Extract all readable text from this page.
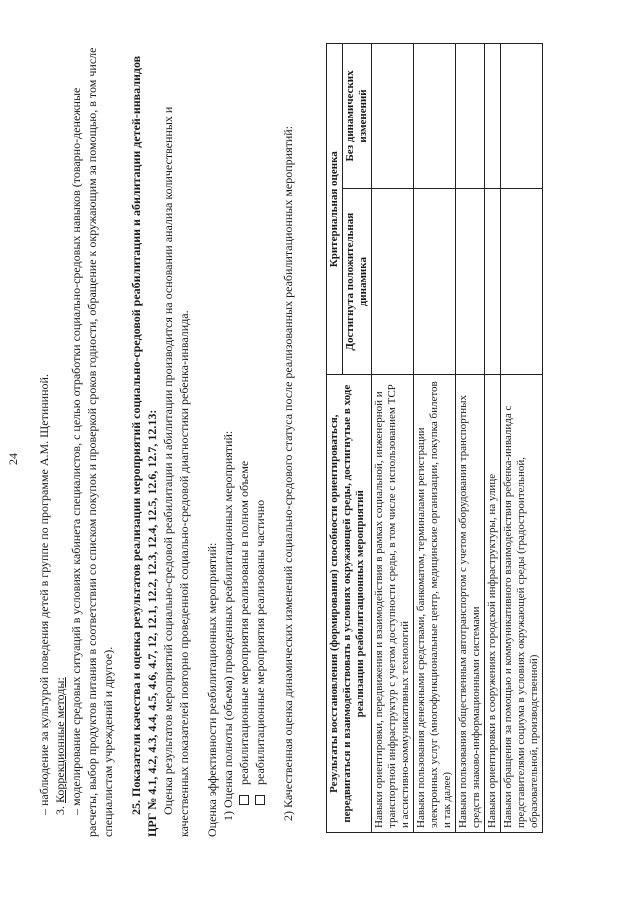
24 – наблюдение за культурой поведения детей в группе по программе А.М. Щетининой. 3. Коррекционные методы: – моделирование средовых ситуаций в условиях кабинета специалистов, с целью отработки социально-средовых навыков (товарно-денежные расчеты, выбор продуктов питания в соответствии со списком покупок и проверкой сроков годности, обращение к окружающим за помощью, в том числе специалистам учреждений и другое). 25. Показатели качества и оценка результатов реализации мероприятий социально-средовой реабилитации и абилитации детей-инвалидов ЦРГ № 4.1, 4.2, 4.3, 4.4, 4.5, 4.6, 4.7, 12, 12.1, 12.2, 12.3, 12.4, 12.5, 12.6, 12.7, 12.13: Оценка результатов мероприятий социально-средовой реабилитации и абилитации производится на основании анализа количественных и качественных показателей повторно проведенной социально-средовой диагностики ребенка-инвалида. Оценка эффективности реабилитационных мероприятий: 1) Оценка полноты (объема) проведенных реабилитационных мероприятий: реабилитационные мероприятия реализованы в полном объеме реабилитационные мероприятия реализованы частично 2) Качественная оценка динамических изменений социально-средового статуса после реализованных реабилитационных мероприятий:	Результаты восстановления (формирования) способности ориентироваться, передвигаться и взаимодействовать в условиях окружающей среды, достигнутые в ходе реализации реабилитационных мероприятий	Критериальная оценка	
	Достигнута положительная динамика	Без динамических изменений
Навыки ориентировки, передвижения и взаимодействия в рамках социальной, инженерной и транспортной инфраструктур с учетом доступности среды, в том числе с использованием ТСР и ассистивно-коммуникативных технологий		
Навыки пользования денежными средствами, банкоматом, терминалами регистрации электронных услуг (многофункциональные центр, медицинские организации, покупка билетов и так далее)		
Навыки пользования общественным автотранспортом с учетом оборудования транспортных средств знаково-информационными системами		
Навыки ориентировки в сооружениях городской инфраструктуры, на улице		
Навыки обращения за помощью и коммуникативного взаимодействия ребенка-инвалида с представителями социума в условиях окружающей среды (градостроительной, образовательной, производственной)		
